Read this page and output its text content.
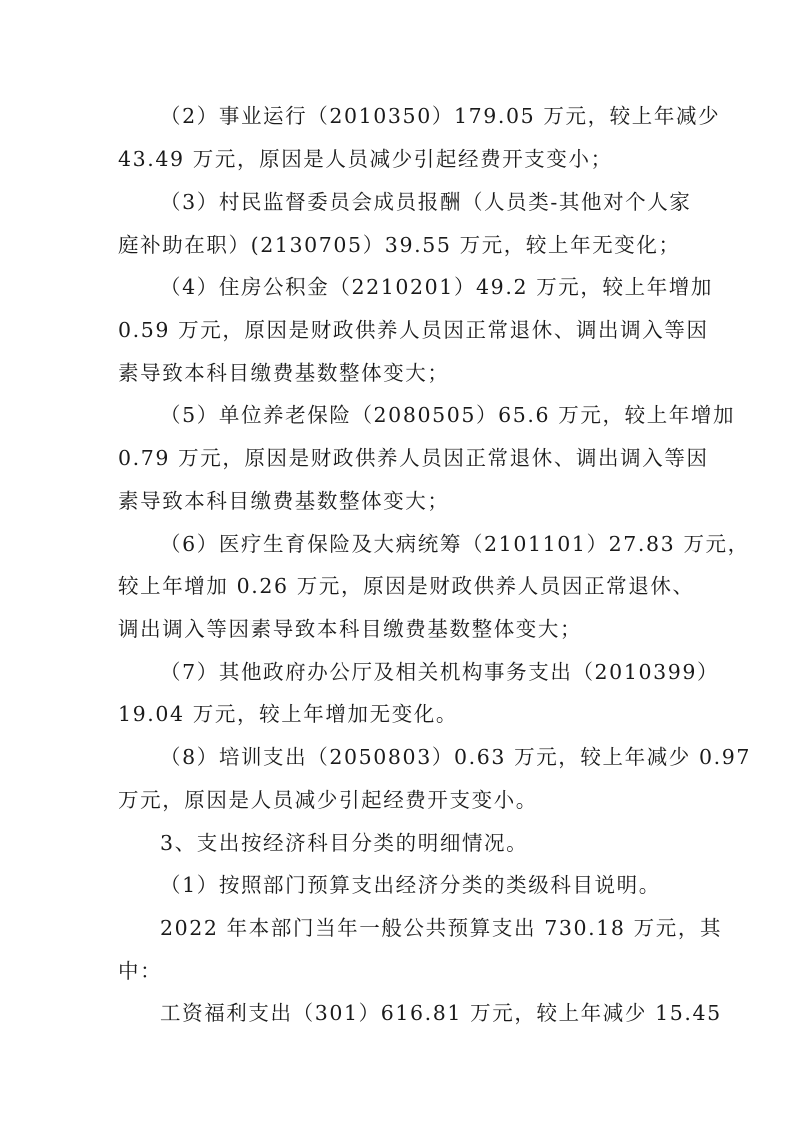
（2）事业运行（2010350）179.05 万元，较上年减少
43.49 万元，原因是人员减少引起经费开支变小；
（3）村民监督委员会成员报酬（人员类-其他对个人家
庭补助在职）(2130705）39.55 万元，较上年无变化；
（4）住房公积金（2210201）49.2 万元，较上年增加
0.59 万元，原因是财政供养人员因正常退休、调出调入等因
素导致本科目缴费基数整体变大；
（5）单位养老保险（2080505）65.6 万元，较上年增加
0.79 万元，原因是财政供养人员因正常退休、调出调入等因
素导致本科目缴费基数整体变大；
（6）医疗生育保险及大病统筹（2101101）27.83 万元，
较上年增加 0.26 万元，原因是财政供养人员因正常退休、
调出调入等因素导致本科目缴费基数整体变大；
（7）其他政府办公厅及相关机构事务支出（2010399）
19.04 万元，较上年增加无变化。
（8）培训支出（2050803）0.63 万元，较上年减少 0.97
万元，原因是人员减少引起经费开支变小。
3、支出按经济科目分类的明细情况。
（1）按照部门预算支出经济分类的类级科目说明。
2022 年本部门当年一般公共预算支出 730.18 万元，其
中：
工资福利支出（301）616.81 万元，较上年减少 15.45
